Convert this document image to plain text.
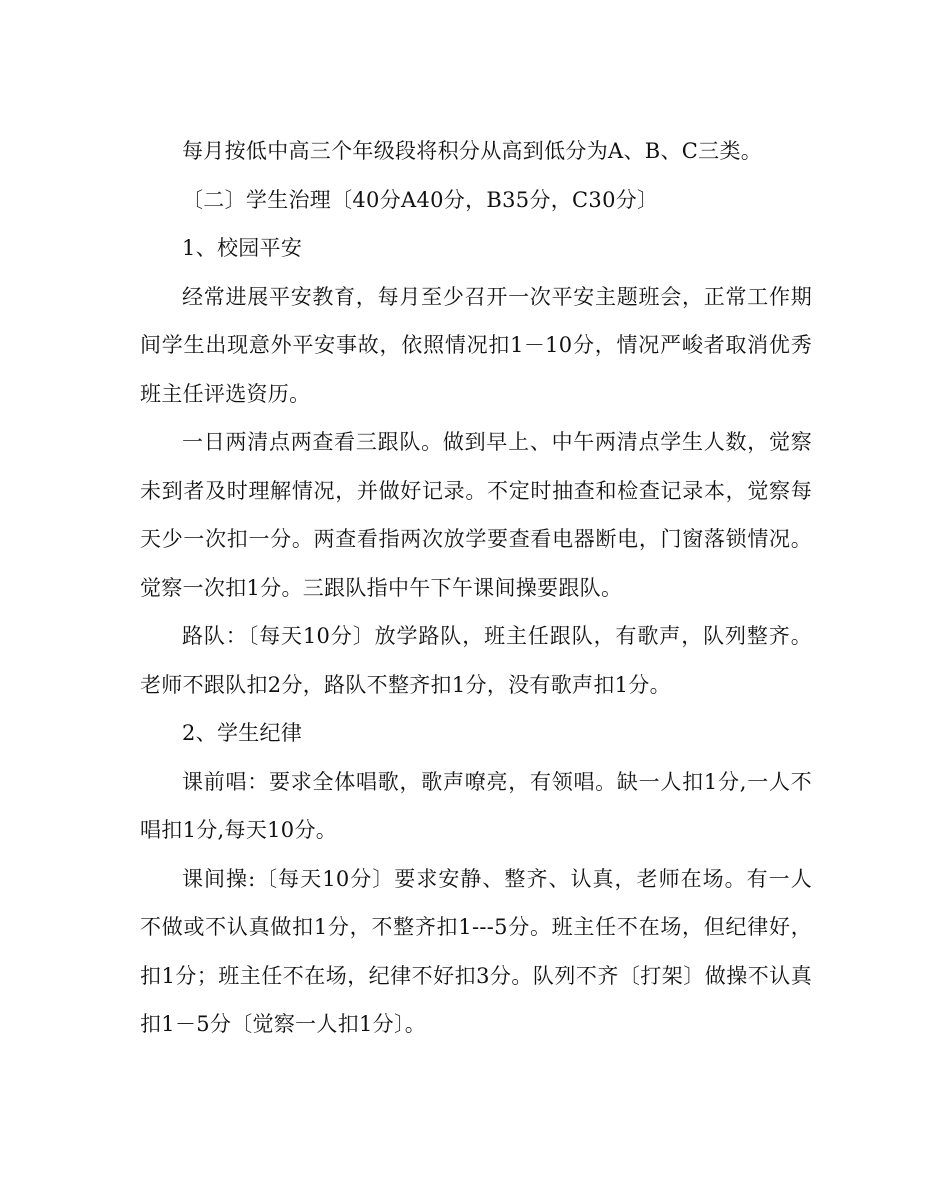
每月按低中高三个年级段将积分从高到低分为A、B、C三类。

〔二〕学生治理〔40分A40分，B35分，C30分〕

1、校园平安

经常进展平安教育，每月至少召开一次平安主题班会，正常工作期间学生出现意外平安事故，依照情况扣1－10分，情况严峻者取消优秀班主任评选资历。

一日两清点两查看三跟队。做到早上、中午两清点学生人数，觉察未到者及时理解情况，并做好记录。不定时抽查和检查记录本，觉察每天少一次扣一分。两查看指两次放学要查看电器断电，门窗落锁情况。觉察一次扣1分。三跟队指中午下午课间操要跟队。

路队：〔每天10分〕放学路队，班主任跟队，有歌声，队列整齐。老师不跟队扣2分，路队不整齐扣1分，没有歌声扣1分。

2、学生纪律

课前唱：要求全体唱歌，歌声嘹亮，有领唱。缺一人扣1分,一人不唱扣1分,每天10分。

课间操:〔每天10分〕要求安静、整齐、认真，老师在场。有一人不做或不认真做扣1分，不整齐扣1---5分。班主任不在场，但纪律好，扣1分；班主任不在场，纪律不好扣3分。队列不齐〔打架〕做操不认真扣1－5分〔觉察一人扣1分〕。
